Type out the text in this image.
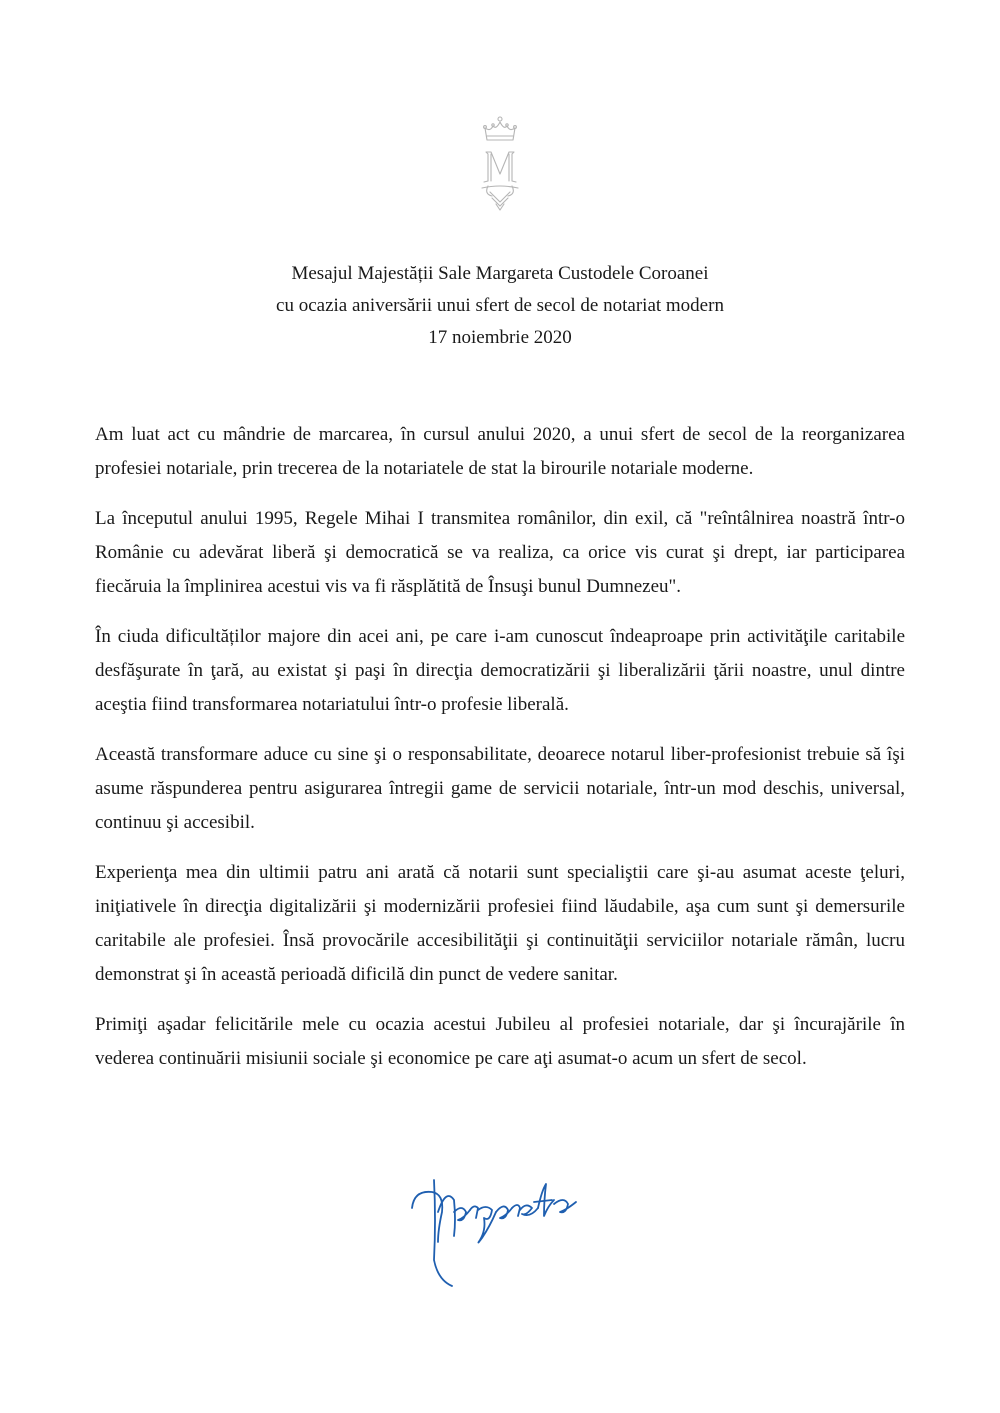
Mesajul Majestății Sale Margareta Custodele Coroanei
cu ocazia aniversării unui sfert de secol de notariat modern
17 noiembrie 2020

Am luat act cu mândrie de marcarea, în cursul anului 2020, a unui sfert de secol de la reorganizarea profesiei notariale, prin trecerea de la notariatele de stat la birourile notariale moderne.

La începutul anului 1995, Regele Mihai I transmitea românilor, din exil, că "reîntâlnirea noastră într-o Românie cu adevărat liberă şi democratică se va realiza, ca orice vis curat şi drept, iar participarea fiecăruia la împlinirea acestui vis va fi răsplătită de Însuşi bunul Dumnezeu".

În ciuda dificultăților majore din acei ani, pe care i-am cunoscut îndeaproape prin activităţile caritabile desfăşurate în ţară, au existat şi paşi în direcţia democratizării şi liberalizării ţării noastre, unul dintre aceştia fiind transformarea notariatului într-o profesie liberală.

Această transformare aduce cu sine şi o responsabilitate, deoarece notarul liber-profesionist trebuie să îşi asume răspunderea pentru asigurarea întregii game de servicii notariale, într-un mod deschis, universal, continuu şi accesibil.

Experienţa mea din ultimii patru ani arată că notarii sunt specialiştii care şi-au asumat aceste ţeluri, iniţiativele în direcţia digitalizării şi modernizării profesiei fiind lăudabile, aşa cum sunt şi demersurile caritabile ale profesiei. Însă provocările accesibilităţii şi continuităţii serviciilor notariale rămân, lucru demonstrat şi în această perioadă dificilă din punct de vedere sanitar.

Primiţi aşadar felicitările mele cu ocazia acestui Jubileu al profesiei notariale, dar şi încurajările în vederea continuării misiunii sociale şi economice pe care aţi asumat-o acum un sfert de secol.
